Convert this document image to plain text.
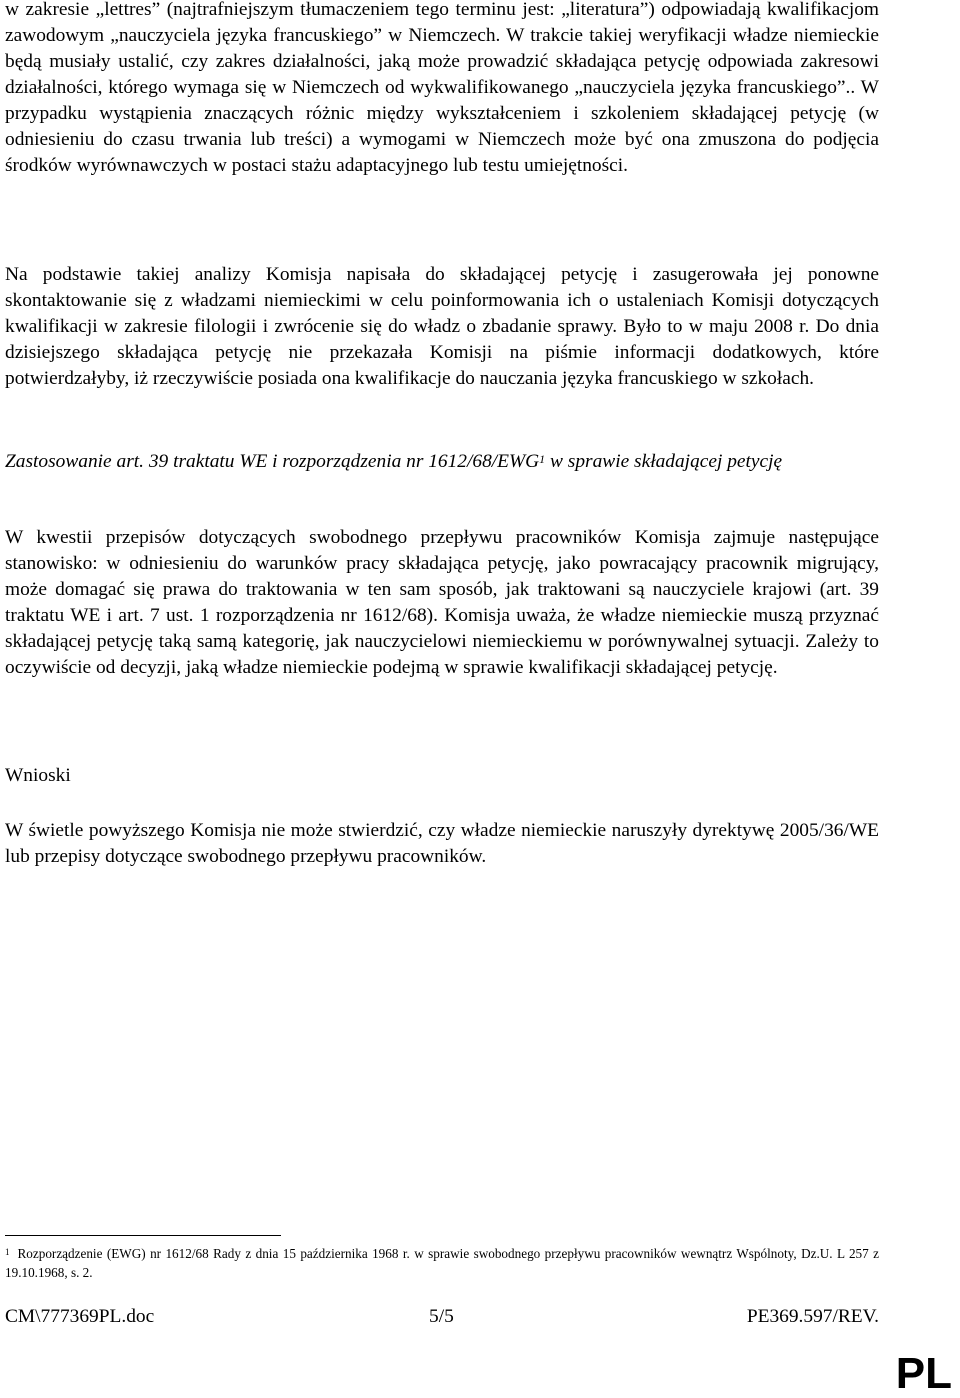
w zakresie „lettres” (najtrafniejszym tłumaczeniem tego terminu jest: „literatura”) odpowiadają kwalifikacjom zawodowym „nauczyciela języka francuskiego” w Niemczech. W trakcie takiej weryfikacji władze niemieckie będą musiały ustalić, czy zakres działalności, jaką może prowadzić składająca petycję odpowiada zakresowi działalności, którego wymaga się w Niemczech od wykwalifikowanego „nauczyciela języka francuskiego”.. W przypadku wystąpienia znaczących różnic między wykształceniem i szkoleniem składającej petycję (w odniesieniu do czasu trwania lub treści) a wymogami w Niemczech może być ona zmuszona do podjęcia środków wyrównawczych w postaci stażu adaptacyjnego lub testu umiejętności.

Na podstawie takiej analizy Komisja napisała do składającej petycję i zasugerowała jej ponowne skontaktowanie się z władzami niemieckimi w celu poinformowania ich o ustaleniach Komisji dotyczących kwalifikacji w zakresie filologii i zwrócenie się do władz o zbadanie sprawy. Było to w maju 2008 r. Do dnia dzisiejszego składająca petycję nie przekazała Komisji na piśmie informacji dodatkowych, które potwierdzałyby, iż rzeczywiście posiada ona kwalifikacje do nauczania języka francuskiego w szkołach.

Zastosowanie art. 39 traktatu WE i rozporządzenia nr 1612/68/EWG$^1$ w sprawie składającej petycję

W kwestii przepisów dotyczących swobodnego przepływu pracowników Komisja zajmuje następujące stanowisko: w odniesieniu do warunków pracy składająca petycję, jako powracający pracownik migrujący, może domagać się prawa do traktowania w ten sam sposób, jak traktowani są nauczyciele krajowi (art. 39 traktatu WE i art. 7 ust. 1 rozporządzenia nr 1612/68). Komisja uważa, że władze niemieckie muszą przyznać składającej petycję taką samą kategorię, jak nauczycielowi niemieckiemu w porównywalnej sytuacji. Zależy to oczywiście od decyzji, jaką władze niemieckie podejmą w sprawie kwalifikacji składającej petycję.

Wnioski

W świetle powyższego Komisja nie może stwierdzić, czy władze niemieckie naruszyły dyrektywę 2005/36/WE lub przepisy dotyczące swobodnego przepływu pracowników.

$^1$ Rozporządzenie (EWG) nr 1612/68 Rady z dnia 15 października 1968 r. w sprawie swobodnego przepływu pracowników wewnątrz Wspólnoty, Dz.U. L 257 z 19.10.1968, s. 2.

CM\777369PL.doc	5/5	PE369.597/REV.
PL
